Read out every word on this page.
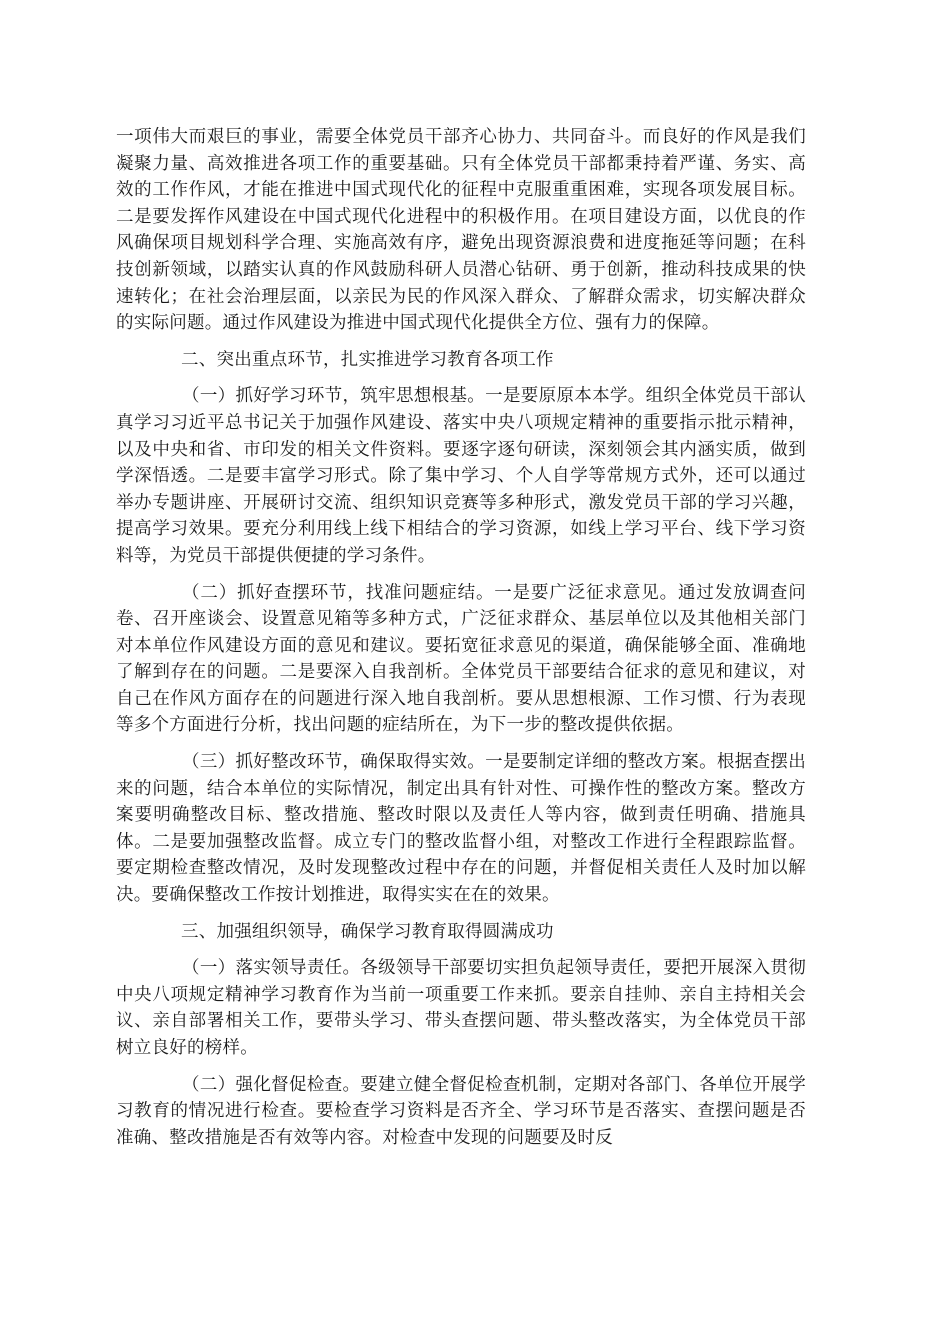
一项伟大而艰巨的事业，需要全体党员干部齐心协力、共同奋斗。而良好的作风是我们凝聚力量、高效推进各项工作的重要基础。只有全体党员干部都秉持着严谨、务实、高效的工作作风，才能在推进中国式现代化的征程中克服重重困难，实现各项发展目标。二是要发挥作风建设在中国式现代化进程中的积极作用。在项目建设方面，以优良的作风确保项目规划科学合理、实施高效有序，避免出现资源浪费和进度拖延等问题；在科技创新领域，以踏实认真的作风鼓励科研人员潜心钻研、勇于创新，推动科技成果的快速转化；在社会治理层面，以亲民为民的作风深入群众、了解群众需求，切实解决群众的实际问题。通过作风建设为推进中国式现代化提供全方位、强有力的保障。

二、突出重点环节，扎实推进学习教育各项工作

（一）抓好学习环节，筑牢思想根基。一是要原原本本学。组织全体党员干部认真学习习近平总书记关于加强作风建设、落实中央八项规定精神的重要指示批示精神，以及中央和省、市印发的相关文件资料。要逐字逐句研读，深刻领会其内涵实质，做到学深悟透。二是要丰富学习形式。除了集中学习、个人自学等常规方式外，还可以通过举办专题讲座、开展研讨交流、组织知识竞赛等多种形式，激发党员干部的学习兴趣，提高学习效果。要充分利用线上线下相结合的学习资源，如线上学习平台、线下学习资料等，为党员干部提供便捷的学习条件。

（二）抓好查摆环节，找准问题症结。一是要广泛征求意见。通过发放调查问卷、召开座谈会、设置意见箱等多种方式，广泛征求群众、基层单位以及其他相关部门对本单位作风建设方面的意见和建议。要拓宽征求意见的渠道，确保能够全面、准确地了解到存在的问题。二是要深入自我剖析。全体党员干部要结合征求的意见和建议，对自己在作风方面存在的问题进行深入地自我剖析。要从思想根源、工作习惯、行为表现等多个方面进行分析，找出问题的症结所在，为下一步的整改提供依据。

（三）抓好整改环节，确保取得实效。一是要制定详细的整改方案。根据查摆出来的问题，结合本单位的实际情况，制定出具有针对性、可操作性的整改方案。整改方案要明确整改目标、整改措施、整改时限以及责任人等内容，做到责任明确、措施具体。二是要加强整改监督。成立专门的整改监督小组，对整改工作进行全程跟踪监督。要定期检查整改情况，及时发现整改过程中存在的问题，并督促相关责任人及时加以解决。要确保整改工作按计划推进，取得实实在在的效果。

三、加强组织领导，确保学习教育取得圆满成功

（一）落实领导责任。各级领导干部要切实担负起领导责任，要把开展深入贯彻中央八项规定精神学习教育作为当前一项重要工作来抓。要亲自挂帅、亲自主持相关会议、亲自部署相关工作，要带头学习、带头查摆问题、带头整改落实，为全体党员干部树立良好的榜样。

（二）强化督促检查。要建立健全督促检查机制，定期对各部门、各单位开展学习教育的情况进行检查。要检查学习资料是否齐全、学习环节是否落实、查摆问题是否准确、整改措施是否有效等内容。对检查中发现的问题要及时反
